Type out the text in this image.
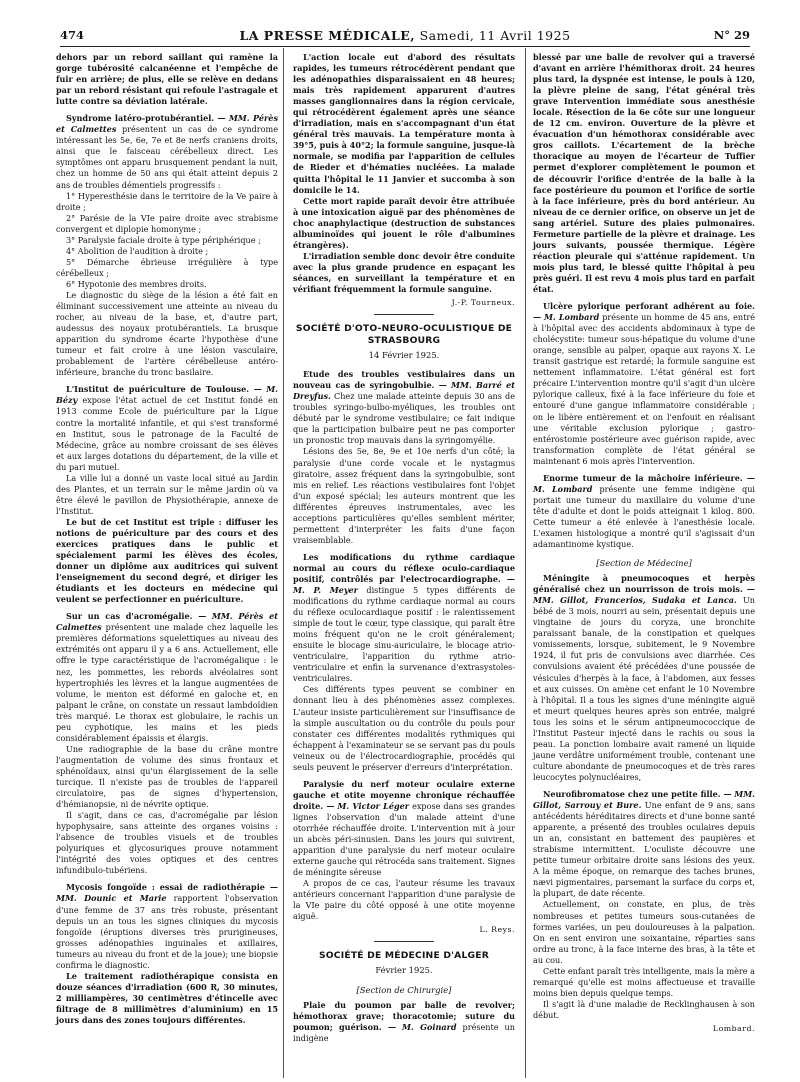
474	LA PRESSE MÉDICALE, Samedi, 11 Avril 1925	N° 29

dehors par un rebord saillant qui ramène la gorge tubérosité calcanéenne et l'empêche de fuir en arrière; de plus, elle se relève en dedans par un rebord résistant qui refoule l'astragale et lutte contre sa déviation latérale.

Syndrome latéro-protubérantiel. — MM. Pérès et Calmettes présentent un cas de ce syndrome intéressant les 5e, 6e, 7e et 8e nerfs craniens droits, ainsi que le faisceau cérébelleux direct. Les symptômes ont apparu brusquement pendant la nuit, chez un homme de 50 ans qui était atteint depuis 2 ans de troubles démentiels progressifs :

1° Hyperesthésie dans le territoire de la Ve paire à droite ;
2° Parésie de la VIe paire droite avec strabisme convergent et diplopie homonyme ;
3° Paralysie faciale droite à type périphérique ;
4° Abolition de l'audition à droite ;
5° Démarche ébrieuse irrégulière à type cérébelleux ;
6° Hypotonie des membres droits.

Le diagnostic du siège de la lésion a été fait en éliminant successivement une atteinte au niveau du rocher, au niveau de la base, et, d'autre part, audessus des noyaux protubérantiels. La brusque apparition du syndrome écarte l'hypothèse d'une tumeur et fait croire à une lésion vasculaire, probablement de l'artère cérébelleuse antéro-inférieure, branche du tronc basilaire.

L'Institut de puériculture de Toulouse. — M. Bézy expose l'état actuel de cet Institut fondé en 1913 comme Ecole de puériculture par la Ligue contre la mortalité infantile, et qui s'est transformé en Institut, sous le patronage de la Faculté de Médecine, grâce au nombre croissant de ses élèves et aux larges dotations du département, de la ville et du pari mutuel.

La ville lui a donné un vaste local situé au Jardin des Plantes, et un terrain sur le même jardin où va être élevé le pavillon de Physiothérapie, annexe de l'Institut.

Le but de cet Institut est triple : diffuser les notions de puériculture par des cours et des exercices pratiques dans le public et spécialement parmi les élèves des écoles, donner un diplôme aux auditrices qui suivent l'enseignement du second degré, et diriger les étudiants et les docteurs en médecine qui veulent se perfectionner en puériculture.

Sur un cas d'acromégalie. — MM. Pérès et Calmettes présentent une malade chez laquelle les premières déformations squelettiques au niveau des extrémités ont apparu il y a 6 ans. Actuellement, elle offre le type caractéristique de l'acromégalique : le nez, les pommettes, les rebords alvéolaires sont hypertrophiés les lèvres et la langue augmentées de volume, le menton est déformé en galoche et, en palpant le crâne, on constate un ressaut lambdoïdien très marqué. Le thorax est globulaire, le rachis un peu cyphotique, les mains et les pieds considérablement épaissis et élargis.

Une radiographie de la base du crâne montre l'augmentation de volume des sinus frontaux et sphénoïdaux, ainsi qu'un élargissement de la selle turcique. Il n'existe pas de troubles de l'appareil circulatoire, pas de signes d'hypertension, d'hémianopsie, ni de névrite optique.

Il s'agit, dans ce cas, d'acromégalie par lésion hypophysaire, sans atteinte des organes voisins : l'absence de troubles visuels et de troubles polyuriques et glycosuriques prouve notamment l'intégrité des voies optiques et des centres infundibulo-tubériens.

Mycosis fongoïde : essai de radiothérapie — MM. Dounic et Marie rapportent l'observation d'une femme de 37 ans très robuste, présentant depuis un an tous les signes cliniques du mycosis fongoïde (éruptions diverses très prurigineuses, grosses adénopathies inguinales et axillaires, tumeurs au niveau du front et de la joue); une biopsie confirma le diagnostic.

Le traitement radiothérapique consista en douze séances d'irradiation (600 R, 30 minutes, 2 milliampères, 30 centimètres d'étincelle avec filtrage de 8 millimètres d'aluminium) en 15 jours dans des zones toujours différentes.

L'action locale eut d'abord des résultats rapides, les tumeurs rétrocédèrent pendant que les adénopathies disparaissaient en 48 heures; mais très rapidement apparurent d'autres masses ganglionnaires dans la région cervicale, qui rétrocédèrent également après une séance d'irradiation, mais en s'accompagnant d'un état général très mauvais. La température monta à 39°5, puis à 40°2; la formule sanguine, jusque-là normale, se modifia par l'apparition de cellules de Rieder et d'hématies nucléées. La malade quitta l'hôpital le 11 Janvier et succomba à son domicile le 14.

Cette mort rapide paraît devoir être attribuée à une intoxication aiguë par des phénomènes de choc anaphylactique (destruction de substances albuminoïdes qui jouent le rôle d'albumines étrangères).

L'irradiation semble donc devoir être conduite avec la plus grande prudence en espaçant les séances, en surveillant la température et en vérifiant fréquemment la formule sanguine.

J.-P. Tourneux.
SOCIÉTÉ D'OTO-NEURO-OCULISTIQUE DE STRASBOURG
14 Février 1925.

Etude des troubles vestibulaires dans un nouveau cas de syringobulbie. — MM. Barré et Dreyfus. Chez une malade atteinte depuis 30 ans de troubles syringo-bulbo-myéliques, les troubles ont débuté par le syndrome vestibulaire; ce fait indique que la participation bulbaire peut ne pas comporter un pronostic trop mauvais dans la syringomyélie.

Lésions des 5e, 8e, 9e et 10e nerfs d'un côté; la paralysie d'une corde vocale et le nystagmus giratoire, assez fréquent dans la syringobulbie, sont mis en relief. Les réactions vestibulaires font l'objet d'un exposé spécial; les auteurs montrent que les différentes épreuves instrumentales, avec les acceptions particulières qu'elles semblent mériter, permettent d'interpréter les faits d'une façon vraisemblable.

Les modifications du rythme cardiaque normal au cours du réflexe oculo-cardiaque positif, contrôlés par l'electrocardiographe. — M. P. Meyer distingue 5 types différents de modifications du rythme cardiaque normal au cours du réflexe oculocardiaque positif : le ralentissement simple de tout le cœur, type classique, qui paraît être moins fréquent qu'on ne le croit généralement; ensuite le blocage sinu-auriculaire, le blocage atrio-ventriculaire, l'apparition du rythme atrio-ventriculaire et enfin la survenance d'extrasystoles-ventriculaires.

Ces différents types peuvent se combiner en donnant lieu à des phénomènes assez complexes. L'auteur insiste particulièrement sur l'insuffisance de la simple auscultation ou du contrôle du pouls pour constater ces différentes modalités rythmiques qui échappent à l'examinateur se se servant pas du pouls veineux ou de l'électrocardiographie, procédés qui seuls peuvent le préserver d'erreurs d'interprétation.

Paralysie du nerf moteur oculaire externe gauche et otite moyenne chronique réchauffée droite. — M. Victor Léger expose dans ses grandes lignes l'observation d'un malade atteint d'une otorrhée réchauffée droite. L'intervention mit à jour un abcès péri-sinusien. Dans les jours qui suivirent, apparition d'une paralysie du nerf moteur oculaire externe gauche qui rétrocéda sans traitement. Signes de méningite séreuse

A propos de ce cas, l'auteur résume les travaux antérieurs concernant l'apparition d'une paralysie de la VIe paire du côté opposé à une otite moyenne aiguë.

L. Reys.
SOCIÉTÉ DE MÉDECINE D'ALGER
Février 1925.
[Section de Chirurgie]

Plaie du poumon par balle de revolver; hémothorax grave; thoracotomie; suture du poumon; guérison. — M. Goinard présente un indigène

blessé par une balle de revolver qui a traversé d'avant en arrière l'hémithorax droit. 24 heures plus tard, la dyspnée est intense, le pouls à 120, la plèvre pleine de sang, l'état général très grave Intervention immédiate sous anesthésie locale. Résection de la 6e côte sur une longueur de 12 cm. environ. Ouverture de la plèvre et évacuation d'un hémothorax considérable avec gros caillots. L'écartement de la brèche thoracique au moyen de l'écarteur de Tuffier permet d'explorer complètement le poumon et de découvrir l'orifice d'entrée de la balle à la face postérieure du poumon et l'orifice de sortie à la face inférieure, près du bord antérieur. Au niveau de ce dernier orifice, on observe un jet de sang artériel. Suture des plaies pulmonaires. Fermeture partielle de la plèvre et drainage. Les jours suivants, poussée thermique. Légère réaction pleurale qui s'atténue rapidement. Un mois plus tard, le blessé quitte l'hôpital à peu près guéri. Il est revu 4 mois plus tard en parfait état.

Ulcère pylorique perforant adhérent au foie. — M. Lombard présente un homme de 45 ans, entré à l'hôpital avec des accidents abdominaux à type de cholécystite: tumeur sous-hépatique du volume d'une orange, sensible au palper, opaque aux rayons X. Le transit gastrique est retardé; la formule sanguine est nettement inflammatoire. L'état général est fort précaire L'intervention montre qu'il s'agit d'un ulcère pylorique calleux, fixé à la face inférieure du foie et entouré d'une gangue inflammatoire considérable ; on le libère entièrement et on l'enfouit en réalisant une véritable exclusion pylorique ; gastro-entérostomie postérieure avec guérison rapide, avec transformation complète de l'état général se maintenant 6 mois après l'intervention.

Enorme tumeur de la mâchoire inférieure. — M. Lombard présente une femme indigène qui portait une tumeur du maxillaire du volume d'une tête d'adulte et dont le poids atteignait 1 kilog. 800. Cette tumeur a été enlevée à l'anesthésie locale. L'examen histologique a montré qu'il s'agissait d'un adamantinome kystique.

[Section de Médecine]

Méningite à pneumocoques et herpès généralisé chez un nourrisson de trois mois. — MM. Gillot, Francerios, Sudaka et Lanca. Un bébé de 3 mois, nourri au sein, présentait depuis une vingtaine de jours du coryza, une bronchite paraissant banale, de la constipation et quelques vomissements, lorsque, subitement, le 9 Novembre 1924, il fut pris de convulsions avec diarrhée. Ces convulsions avaient été précédées d'une poussée de vésicules d'herpès à la face, à l'abdomen, aux fesses et aux cuisses. On amène cet enfant le 10 Novembre à l'hôpital. Il a tous les signes d'une méningite aiguë et meurt quelques heures après son entrée, malgré tous les soins et le sérum antipneumococcique de l'Institut Pasteur injecté dans le rachis ou sous la peau. La ponction lombaire avait ramené un liquide jaune verdâtre uniformément trouble, contenant une culture abondante de pneumocoques et de très rares leucocytes polynucléaires,

Neurofibromatose chez une petite fille. — MM. Gillot, Sarrouy et Bure. Une enfant de 9 ans, sans antécédents héréditaires directs et d'une bonne santé apparente, a présenté des troubles oculaires depuis un an, consistant en battement des paupières et strabisme intermittent. L'oculiste découvre une petite tumeur orbitaire droite sans lésions des yeux. A la même époque, on remarque des taches brunes, nævi pigmentaires, parsemant la surface du corps et, la plupart, de date récente.

Actuellement, on constate, en plus, de très nombreuses et petites tumeurs sous-cutanées de formes variées, un peu douloureuses à la palpation. On en sent environ une soixantaine, réparties sans ordre au tronc, à la face interne des bras, à la tête et au cou.

Cette enfant paraît très intelligente, mais la mère a remarqué qu'elle est moins affectueuse et travaille moins bien depuis quelque temps.

Il s'agit là d'une maladie de Recklinghausen à son début.

Lombard.
